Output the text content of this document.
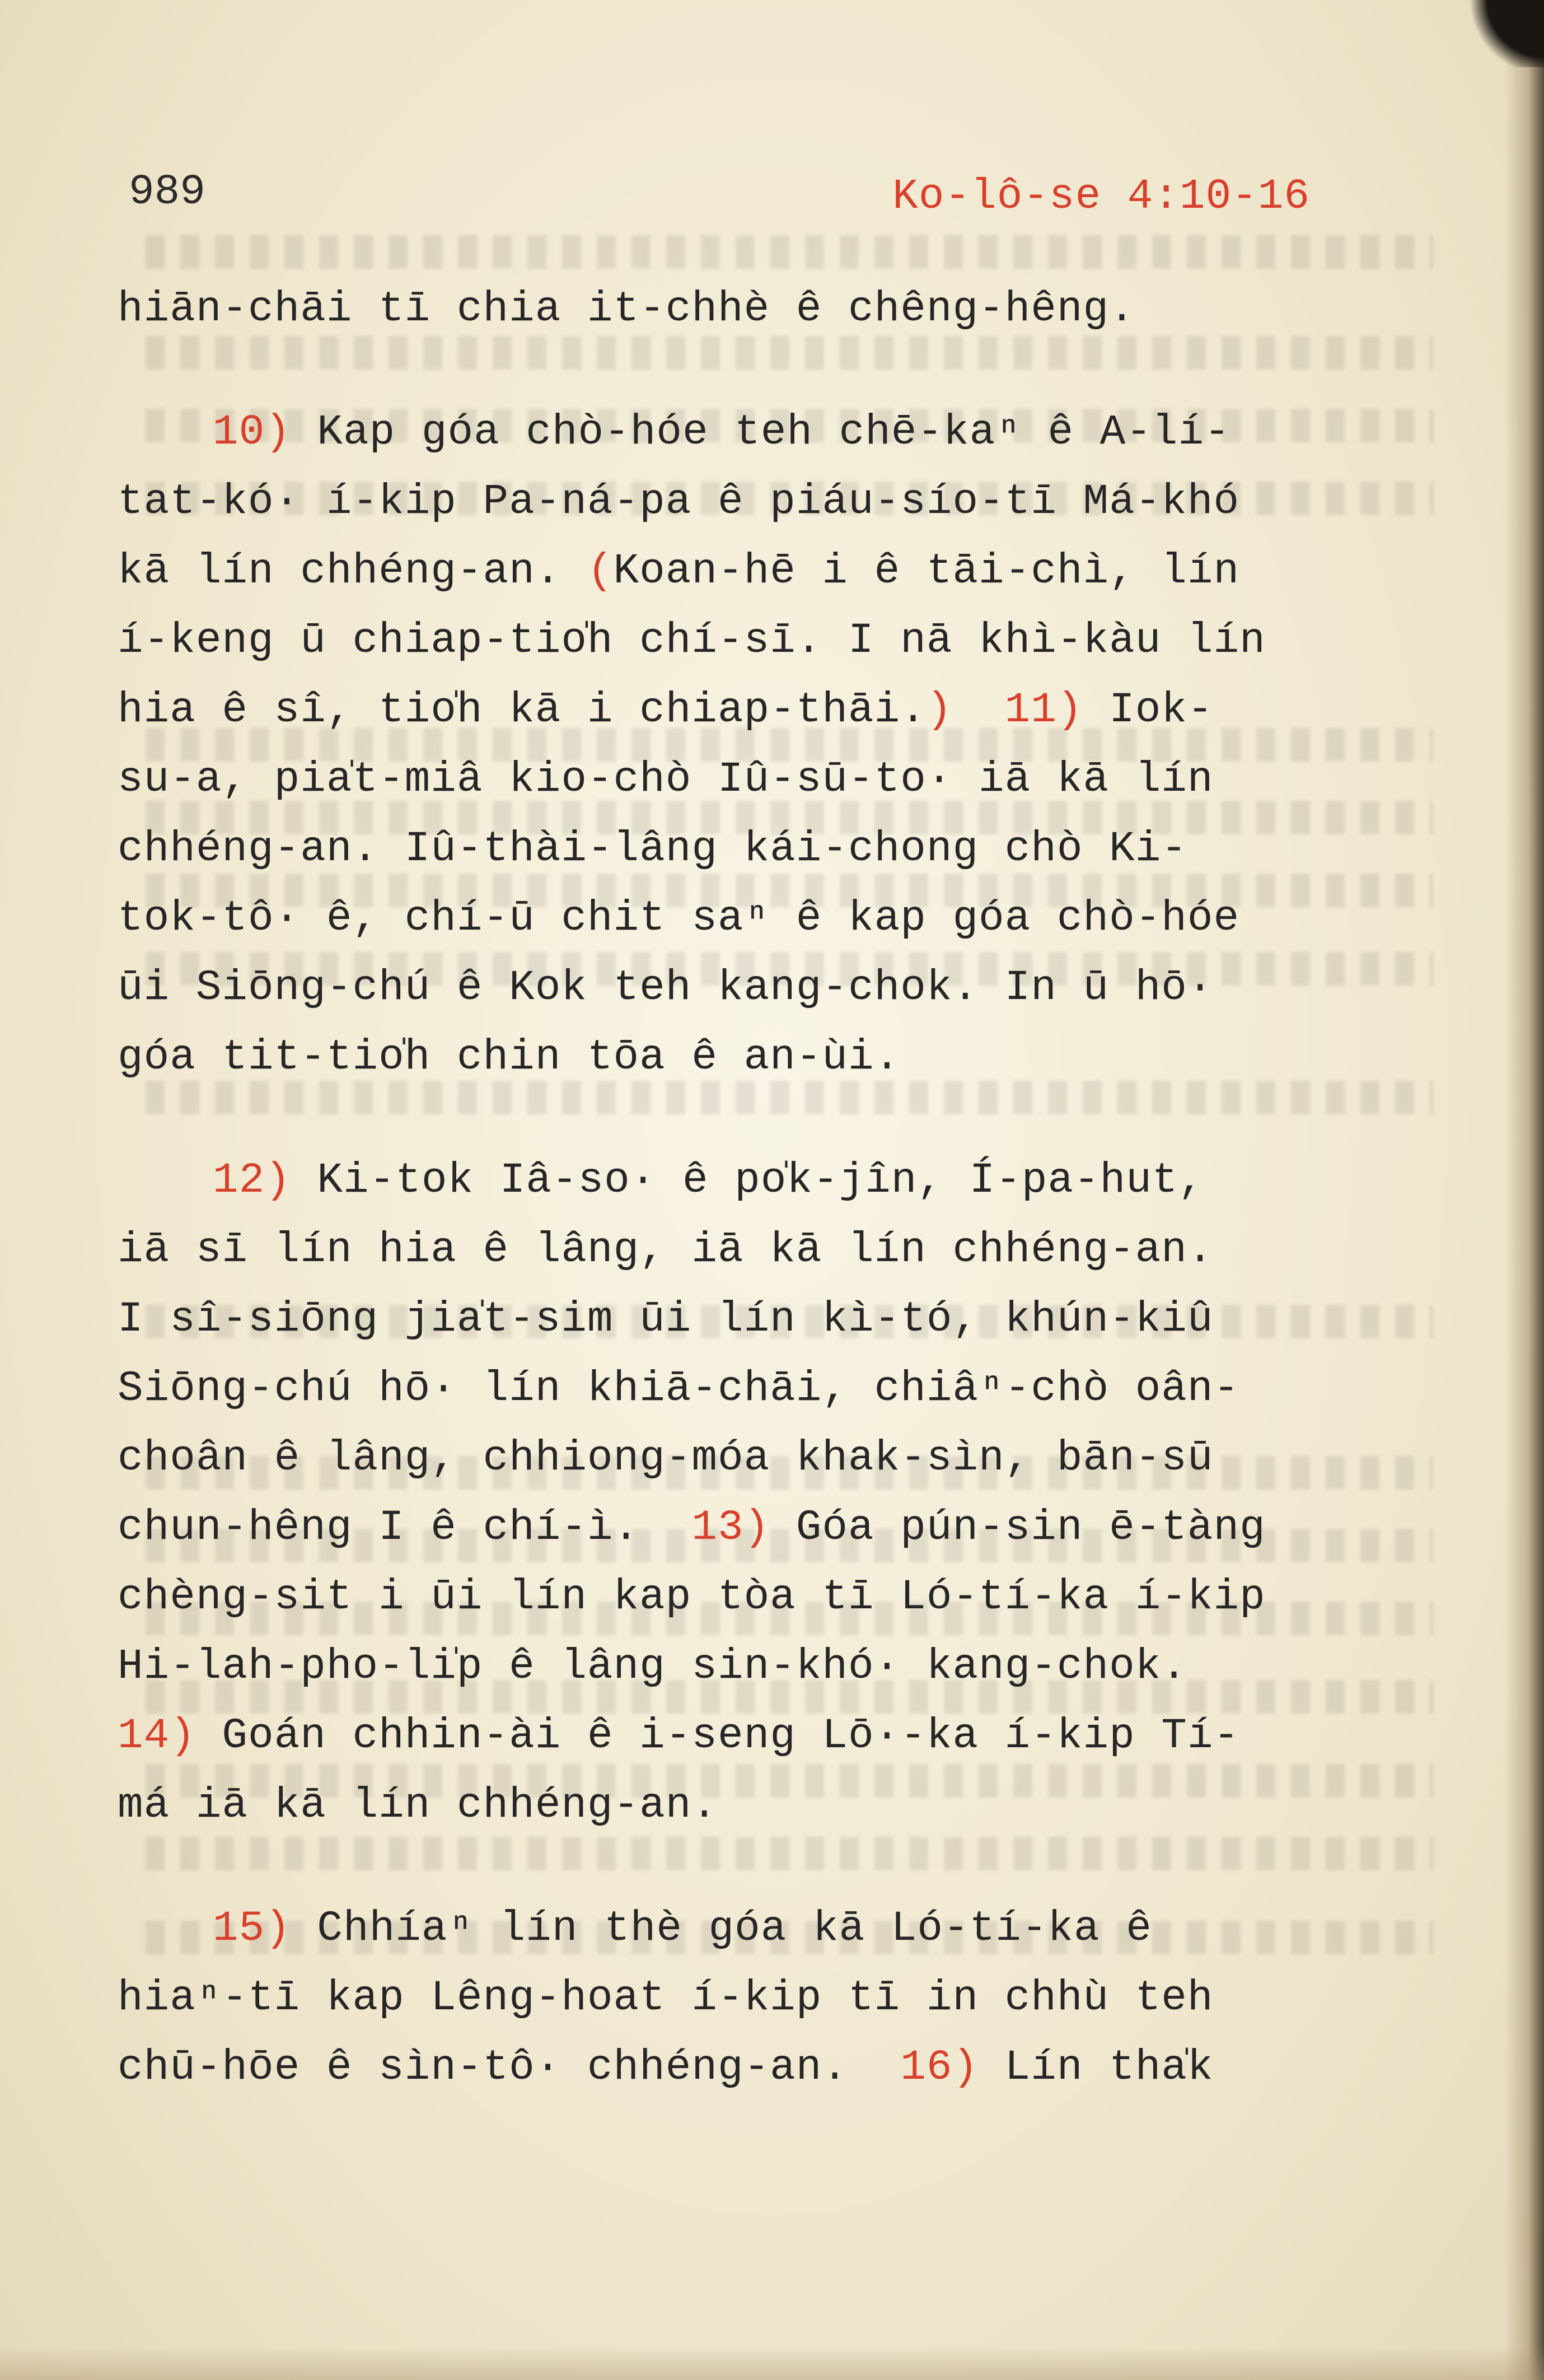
989	Ko-lô-se 4:10-16
hiān-chāi tī chia it-chhè ê chêng-hêng.
10) Kap góa chò-hóe teh chē-kaⁿ ê A-lí-
tat-kó· í-kip Pa-ná-pa ê piáu-sío-tī Má-khó
kā lín chhéng-an. (Koan-hē i ê tāi-chì, lín
í-keng ū chiap-tio̍h chí-sī. I nā khì-kàu lín
hia ê sî, tio̍h kā i chiap-thāi.) 11) Iok-
su-a, pia̍t-miâ kio-chò Iû-sū-to· iā kā lín
chhéng-an. Iû-thài-lâng kái-chong chò Ki-
tok-tô· ê, chí-ū chit saⁿ ê kap góa chò-hóe
ūi Siōng-chú ê Kok teh kang-chok. In ū hō·
góa tit-tio̍h chin tōa ê an-ùi.
12) Ki-tok Iâ-so· ê po̍k-jîn, Í-pa-hut,
iā sī lín hia ê lâng, iā kā lín chhéng-an.
I sî-siōng jia̍t-sim ūi lín kì-tó, khún-kiû
Siōng-chú hō· lín khiā-chāi, chiâⁿ-chò oân-
choân ê lâng, chhiong-móa khak-sìn, bān-sū
chun-hêng I ê chí-ì.  13) Góa pún-sin ē-tàng
chèng-sit i ūi lín kap tòa tī Ló-tí-ka í-kip
Hi-lah-pho-li̍p ê lâng sin-khó· kang-chok.
14) Goán chhin-ài ê i-seng Lō·-ka í-kip Tí-
má iā kā lín chhéng-an.
15) Chhíaⁿ lín thè góa kā Ló-tí-ka ê
hiaⁿ-tī kap Lêng-hoat í-kip tī in chhù teh
chū-hōe ê sìn-tô· chhéng-an.  16) Lín tha̍k
